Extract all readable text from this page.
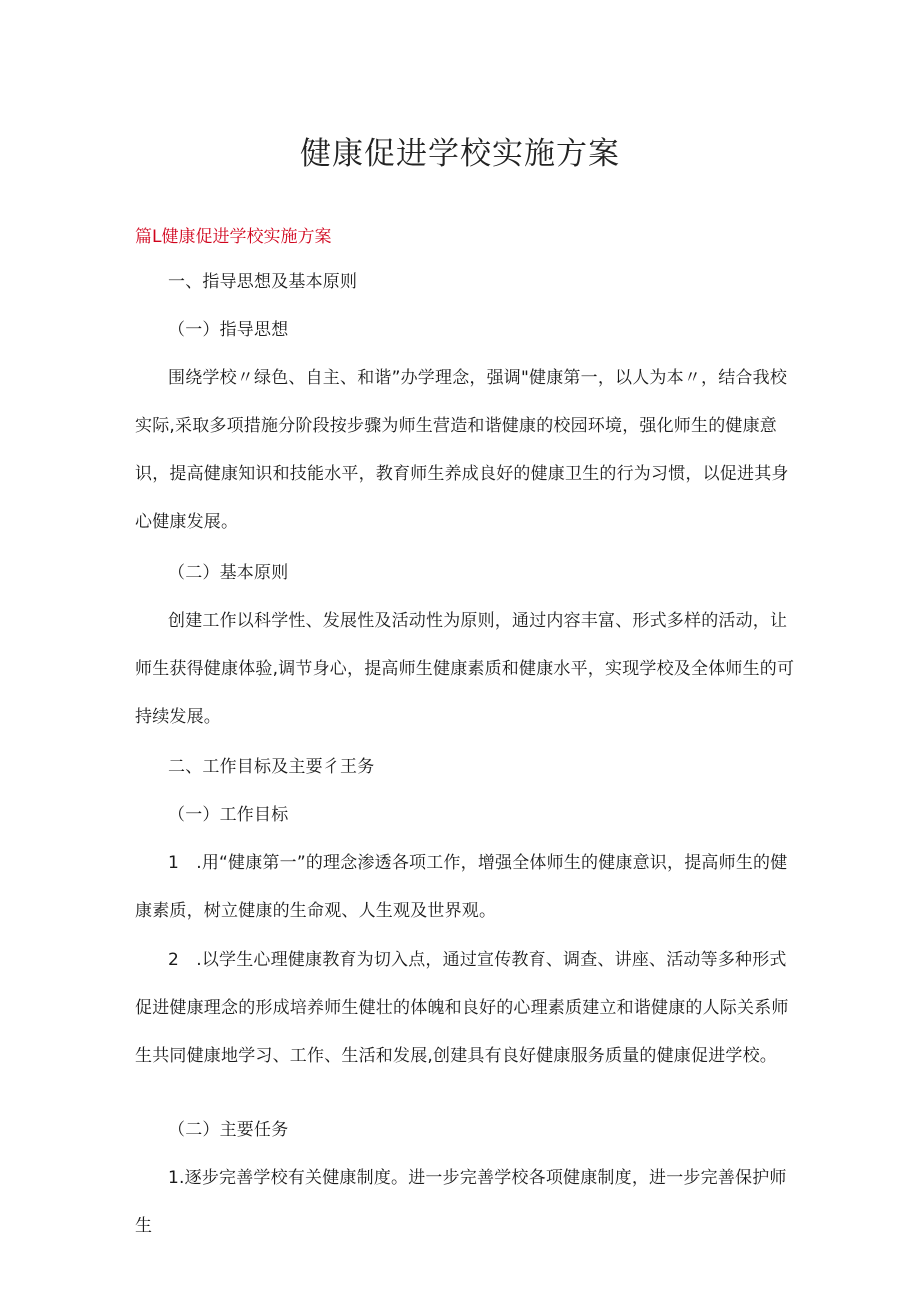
健康促进学校实施方案

篇L健康促进学校实施方案

一、指导思想及基本原则

（一）指导思想

围绕学校〃绿色、自主、和谐”办学理念，强调"健康第一，以人为本〃，结合我校实际,采取多项措施分阶段按步骤为师生营造和谐健康的校园环境，强化师生的健康意识，提高健康知识和技能水平，教育师生养成良好的健康卫生的行为习惯，以促进其身心健康发展。

（二）基本原则

创建工作以科学性、发展性及活动性为原则，通过内容丰富、形式多样的活动，让师生获得健康体验,调节身心，提高师生健康素质和健康水平，实现学校及全体师生的可持续发展。

二、工作目标及主要彳王务

（一）工作目标

1　.用“健康第一”的理念渗透各项工作，增强全体师生的健康意识，提高师生的健康素质，树立健康的生命观、人生观及世界观。

2　.以学生心理健康教育为切入点，通过宣传教育、调查、讲座、活动等多种形式促进健康理念的形成培养师生健壮的体魄和良好的心理素质建立和谐健康的人际关系师生共同健康地学习、工作、生活和发展,创建具有良好健康服务质量的健康促进学校。

（二）主要任务

1.逐步完善学校有关健康制度。进一步完善学校各项健康制度，进一步完善保护师生
